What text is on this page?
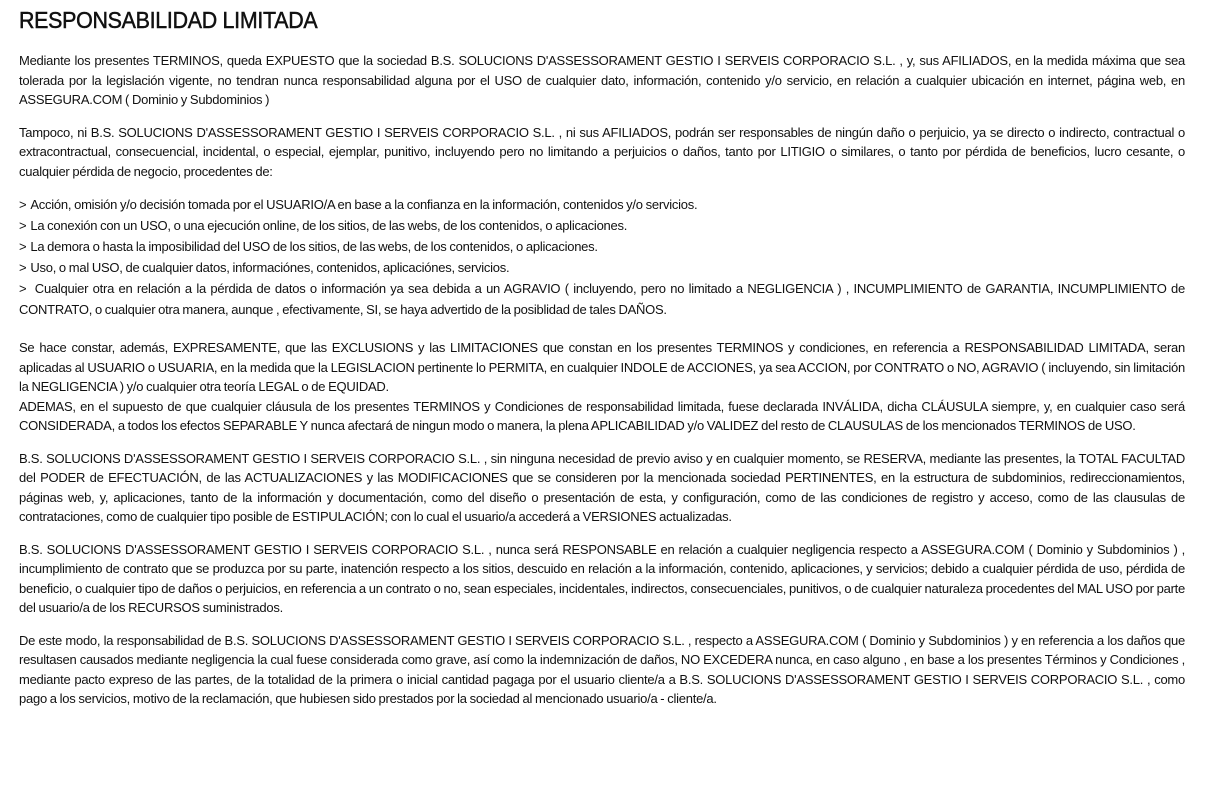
RESPONSABILIDAD LIMITADA

Mediante los presentes TERMINOS, queda EXPUESTO que la sociedad B.S. SOLUCIONS D'ASSESSORAMENT GESTIO I SERVEIS CORPORACIO S.L. , y, sus AFILIADOS, en la medida máxima que sea tolerada por la legislación vigente, no tendran nunca responsabilidad alguna por el USO de cualquier dato, información, contenido y/o servicio, en relación a cualquier ubicación en internet, página web, en ASSEGURA.COM ( Dominio y Subdominios )

Tampoco, ni B.S. SOLUCIONS D'ASSESSORAMENT GESTIO I SERVEIS CORPORACIO S.L. , ni sus AFILIADOS, podrán ser responsables de ningún daño o perjuicio, ya se directo o indirecto, contractual o extracontractual, consecuencial, incidental, o especial, ejemplar, punitivo, incluyendo pero no limitando a perjuicios o daños, tanto por LITIGIO o similares, o tanto por pérdida de beneficios, lucro cesante, o cualquier pérdida de negocio, procedentes de:

> Acción, omisión y/o decisión tomada por el USUARIO/A en base a la confianza en la información, contenidos y/o servicios.
> La conexión con un USO, o una ejecución online, de los sitios, de las webs, de los contenidos, o aplicaciones.
> La demora o hasta la imposibilidad del USO de los sitios, de las webs, de los contenidos, o aplicaciones.
> Uso, o mal USO, de cualquier datos, informaciónes, contenidos, aplicaciónes, servicios.
> Cualquier otra en relación a la pérdida de datos o información ya sea debida a un AGRAVIO ( incluyendo, pero no limitado a NEGLIGENCIA ) , INCUMPLIMIENTO de GARANTIA, INCUMPLIMIENTO de CONTRATO, o cualquier otra manera, aunque , efectivamente, SI, se haya advertido de la posiblidad de tales DAÑOS.

Se hace constar, además, EXPRESAMENTE, que las EXCLUSIONS y las LIMITACIONES que constan en los presentes TERMINOS y condiciones, en referencia a RESPONSABILIDAD LIMITADA, seran aplicadas al USUARIO o USUARIA, en la medida que la LEGISLACION pertinente lo PERMITA, en cualquier INDOLE de ACCIONES, ya sea ACCION, por CONTRATO o NO, AGRAVIO ( incluyendo, sin limitación la NEGLIGENCIA ) y/o cualquier otra teoría LEGAL o de EQUIDAD.

ADEMAS, en el supuesto de que cualquier cláusula de los presentes TERMINOS y Condiciones de responsabilidad limitada, fuese declarada INVÁLIDA, dicha CLÁUSULA siempre, y, en cualquier caso será CONSIDERADA, a todos los efectos SEPARABLE Y nunca afectará de ningun modo o manera, la plena APLICABILIDAD y/o VALIDEZ del resto de CLAUSULAS de los mencionados TERMINOS de USO.

B.S. SOLUCIONS D'ASSESSORAMENT GESTIO I SERVEIS CORPORACIO S.L. , sin ninguna necesidad de previo aviso y en cualquier momento, se RESERVA, mediante las presentes, la TOTAL FACULTAD del PODER de EFECTUACIÓN, de las ACTUALIZACIONES y las MODIFICACIONES que se consideren por la mencionada sociedad PERTINENTES, en la estructura de subdominios, redireccionamientos, páginas web, y, aplicaciones, tanto de la información y documentación, como del diseño o presentación de esta, y configuración, como de las condiciones de registro y acceso, como de las clausulas de contrataciones, como de cualquier tipo posible de ESTIPULACIÓN; con lo cual el usuario/a accederá a VERSIONES actualizadas.

B.S. SOLUCIONS D'ASSESSORAMENT GESTIO I SERVEIS CORPORACIO S.L. , nunca será RESPONSABLE en relación a cualquier negligencia respecto a ASSEGURA.COM ( Dominio y Subdominios ) , incumplimiento de contrato que se produzca por su parte, inatención respecto a los sitios, descuido en relación a la información, contenido, aplicaciones, y servicios; debido a cualquier pérdida de uso, pérdida de beneficio, o cualquier tipo de daños o perjuicios, en referencia a un contrato o no, sean especiales, incidentales, indirectos, consecuenciales, punitivos, o de cualquier naturaleza procedentes del MAL USO por parte del usuario/a de los RECURSOS suministrados.

De este modo, la responsabilidad de B.S. SOLUCIONS D'ASSESSORAMENT GESTIO I SERVEIS CORPORACIO S.L. , respecto a ASSEGURA.COM ( Dominio y Subdominios ) y en referencia a los daños que resultasen causados mediante negligencia la cual fuese considerada como grave, así como la indemnización de daños, NO EXCEDERA nunca, en caso alguno , en base a los presentes Términos y Condiciones , mediante pacto expreso de las partes, de la totalidad de la primera o inicial cantidad pagaga por el usuario cliente/a a B.S. SOLUCIONS D'ASSESSORAMENT GESTIO I SERVEIS CORPORACIO S.L. , como pago a los servicios, motivo de la reclamación, que hubiesen sido prestados por la sociedad al mencionado usuario/a - cliente/a.
